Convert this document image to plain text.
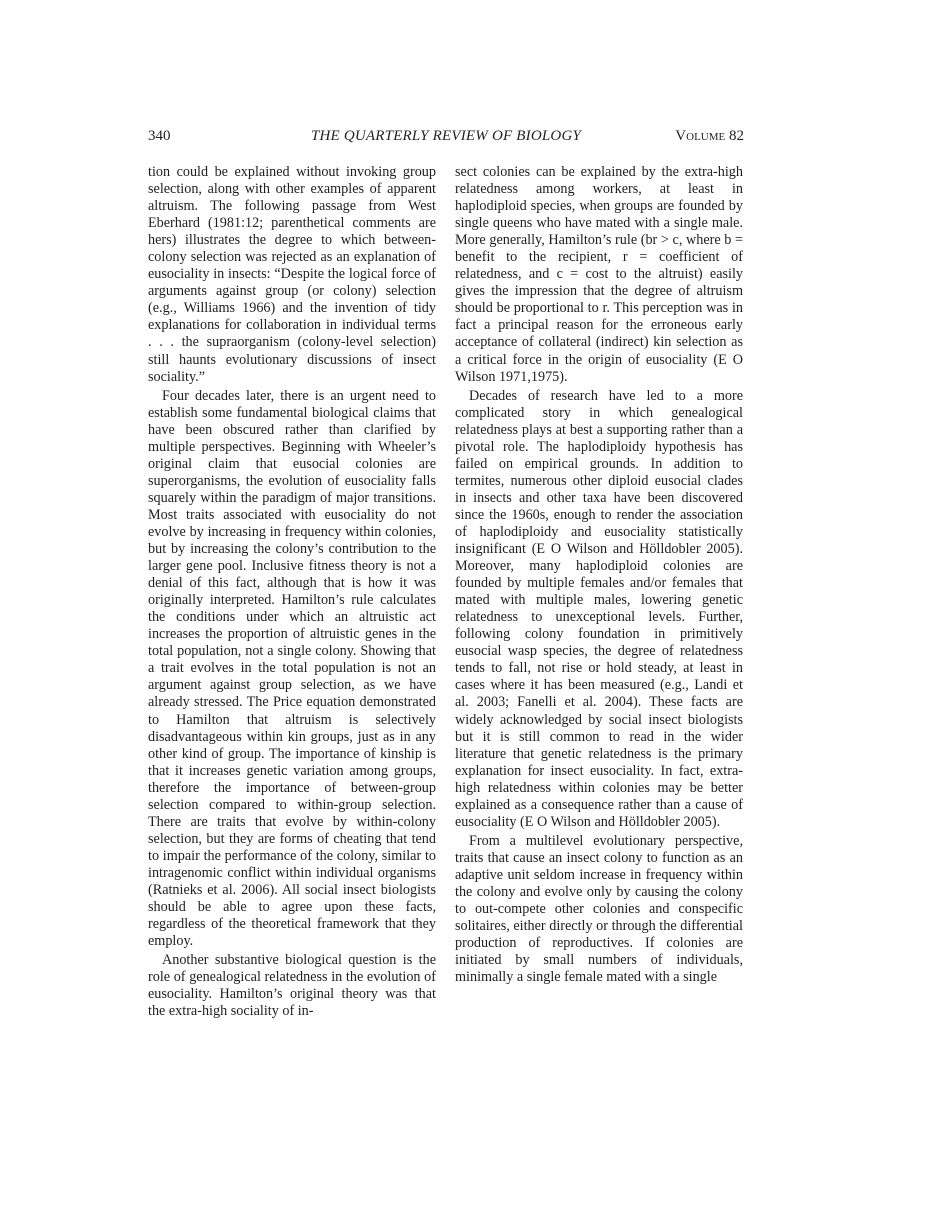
340	THE QUARTERLY REVIEW OF BIOLOGY	Volume 82

tion could be explained without invoking group selection, along with other examples of apparent altruism. The following passage from West Eberhard (1981:12; parenthetical comments are hers) illustrates the degree to which between-colony selection was rejected as an explanation of eusociality in insects: “Despite the logical force of arguments against group (or colony) selection (e.g., Williams 1966) and the invention of tidy explanations for collaboration in individual terms . . . the supraorganism (colony-level selection) still haunts evolutionary discussions of insect sociality.”

Four decades later, there is an urgent need to establish some fundamental biological claims that have been obscured rather than clarified by multiple perspectives. Beginning with Wheeler’s original claim that eusocial colonies are superorganisms, the evolution of eusociality falls squarely within the paradigm of major transitions. Most traits associated with eusociality do not evolve by increasing in frequency within colonies, but by increasing the colony’s contribution to the larger gene pool. Inclusive fitness theory is not a denial of this fact, although that is how it was originally interpreted. Hamilton’s rule calculates the conditions under which an altruistic act increases the proportion of altruistic genes in the total population, not a single colony. Showing that a trait evolves in the total population is not an argument against group selection, as we have already stressed. The Price equation demonstrated to Hamilton that altruism is selectively disadvantageous within kin groups, just as in any other kind of group. The importance of kinship is that it increases genetic variation among groups, therefore the importance of between-group selection compared to within-group selection. There are traits that evolve by within-colony selection, but they are forms of cheating that tend to impair the performance of the colony, similar to intragenomic conflict within individual organisms (Ratnieks et al. 2006). All social insect biologists should be able to agree upon these facts, regardless of the theoretical framework that they employ.

Another substantive biological question is the role of genealogical relatedness in the evolution of eusociality. Hamilton’s original theory was that the extra-high sociality of in-

sect colonies can be explained by the extra-high relatedness among workers, at least in haplodiploid species, when groups are founded by single queens who have mated with a single male. More generally, Hamilton’s rule (br > c, where b = benefit to the recipient, r = coefficient of relatedness, and c = cost to the altruist) easily gives the impression that the degree of altruism should be proportional to r. This perception was in fact a principal reason for the erroneous early acceptance of collateral (indirect) kin selection as a critical force in the origin of eusociality (E O Wilson 1971,1975).

Decades of research have led to a more complicated story in which genealogical relatedness plays at best a supporting rather than a pivotal role. The haplodiploidy hypothesis has failed on empirical grounds. In addition to termites, numerous other diploid eusocial clades in insects and other taxa have been discovered since the 1960s, enough to render the association of haplodiploidy and eusociality statistically insignificant (E O Wilson and Hölldobler 2005). Moreover, many haplodiploid colonies are founded by multiple females and/or females that mated with multiple males, lowering genetic relatedness to unexceptional levels. Further, following colony foundation in primitively eusocial wasp species, the degree of relatedness tends to fall, not rise or hold steady, at least in cases where it has been measured (e.g., Landi et al. 2003; Fanelli et al. 2004). These facts are widely acknowledged by social insect biologists but it is still common to read in the wider literature that genetic relatedness is the primary explanation for insect eusociality. In fact, extra-high relatedness within colonies may be better explained as a consequence rather than a cause of eusociality (E O Wilson and Hölldobler 2005).

From a multilevel evolutionary perspective, traits that cause an insect colony to function as an adaptive unit seldom increase in frequency within the colony and evolve only by causing the colony to out-compete other colonies and conspecific solitaires, either directly or through the differential production of reproductives. If colonies are initiated by small numbers of individuals, minimally a single female mated with a single
